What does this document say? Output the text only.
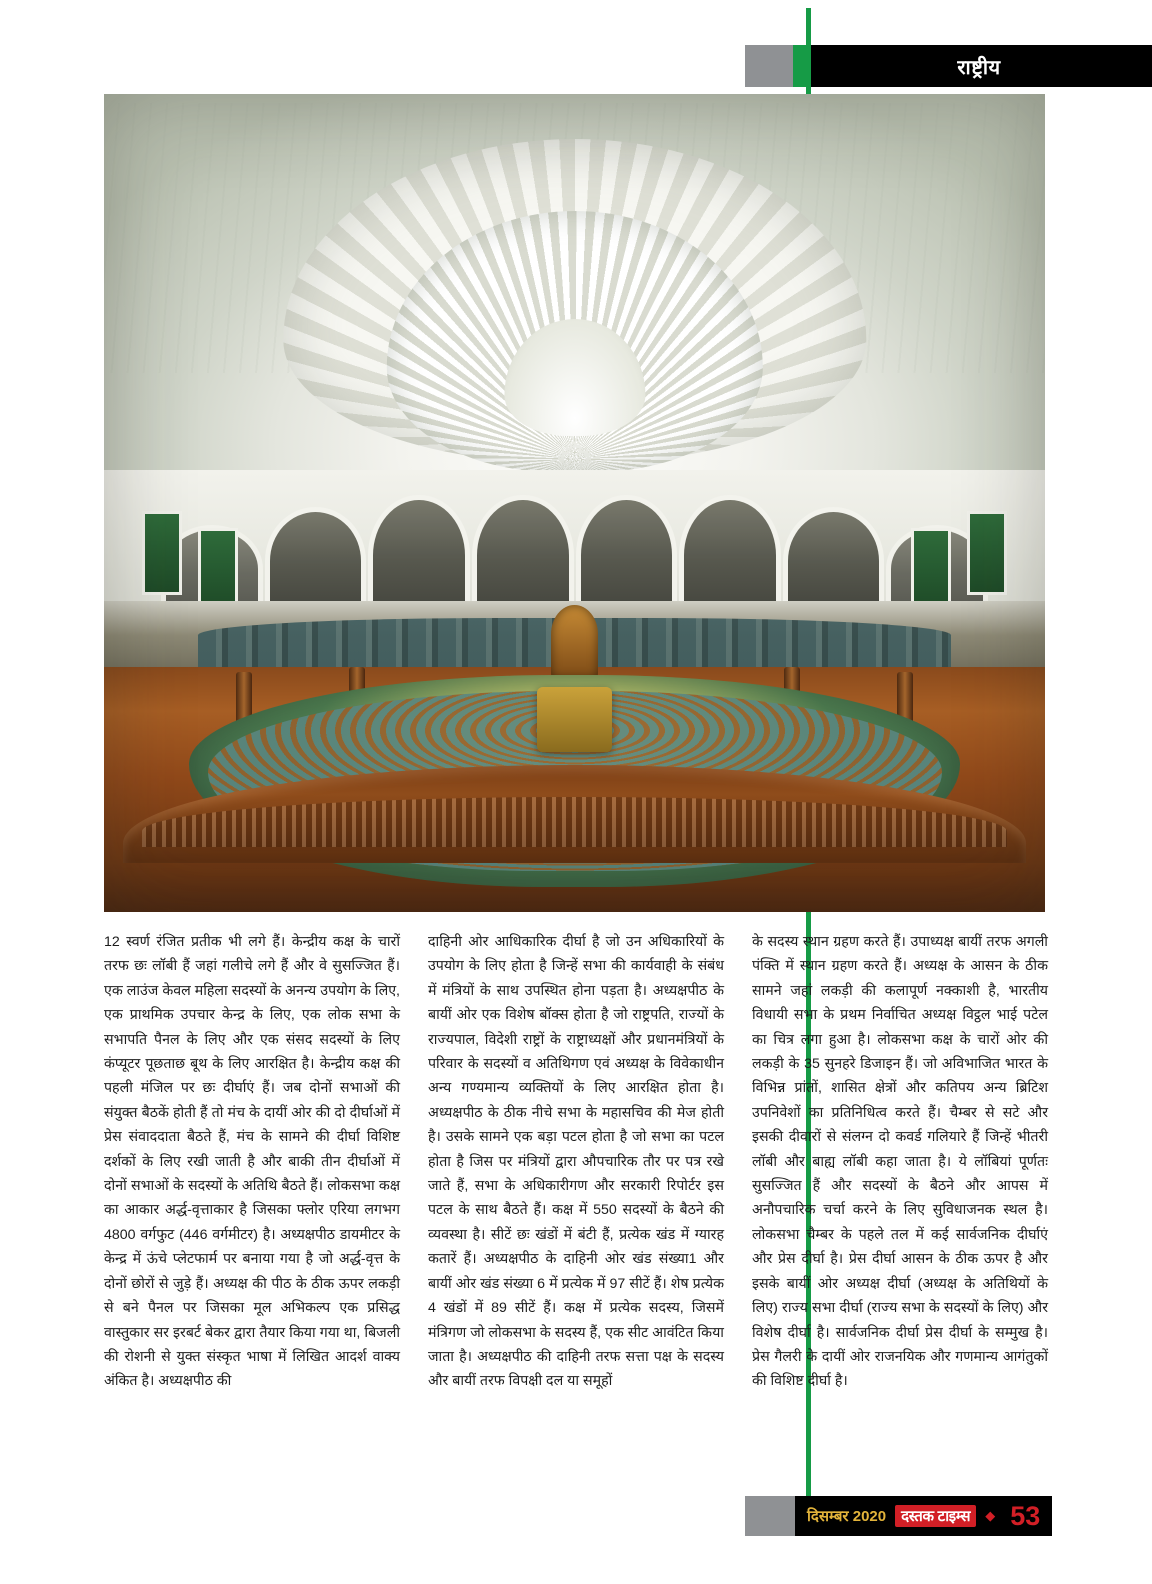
राष्ट्रीय

12 स्वर्ण रंजित प्रतीक भी लगे हैं। केन्द्रीय कक्ष के चारों तरफ छः लॉबी हैं जहां गलीचे लगे हैं और वे सुसज्जित हैं। एक लाउंज केवल महिला सदस्यों के अनन्य उपयोग के लिए, एक प्राथमिक उपचार केन्द्र के लिए, एक लोक सभा के सभापति पैनल के लिए और एक संसद सदस्यों के लिए कंप्यूटर पूछताछ बूथ के लिए आरक्षित है। केन्द्रीय कक्ष की पहली मंजिल पर छः दीर्घाएं हैं। जब दोनों सभाओं की संयुक्त बैठकें होती हैं तो मंच के दायीं ओर की दो दीर्घाओं में प्रेस संवाददाता बैठते हैं, मंच के सामने की दीर्घा विशिष्ट दर्शकों के लिए रखी जाती है और बाकी तीन दीर्घाओं में दोनों सभाओं के सदस्यों के अतिथि बैठते हैं। लोकसभा कक्ष का आकार अर्द्ध-वृत्ताकार है जिसका फ्लोर एरिया लगभग 4800 वर्गफुट (446 वर्गमीटर) है। अध्यक्षपीठ डायमीटर के केन्द्र में ऊंचे प्लेटफार्म पर बनाया गया है जो अर्द्ध-वृत्त के दोनों छोरों से जुड़े हैं। अध्यक्ष की पीठ के ठीक ऊपर लकड़ी से बने पैनल पर जिसका मूल अभिकल्प एक प्रसिद्ध वास्तुकार सर इरबर्ट बेकर द्वारा तैयार किया गया था, बिजली की रोशनी से युक्त संस्कृत भाषा में लिखित आदर्श वाक्य अंकित है। अध्यक्षपीठ की

दाहिनी ओर आधिकारिक दीर्घा है जो उन अधिकारियों के उपयोग के लिए होता है जिन्हें सभा की कार्यवाही के संबंध में मंत्रियों के साथ उपस्थित होना पड़ता है। अध्यक्षपीठ के बायीं ओर एक विशेष बॉक्स होता है जो राष्ट्रपति, राज्यों के राज्यपाल, विदेशी राष्ट्रों के राष्ट्राध्यक्षों और प्रधानमंत्रियों के परिवार के सदस्यों व अतिथिगण एवं अध्यक्ष के विवेकाधीन अन्य गण्यमान्य व्यक्तियों के लिए आरक्षित होता है। अध्यक्षपीठ के ठीक नीचे सभा के महासचिव की मेज होती है। उसके सामने एक बड़ा पटल होता है जो सभा का पटल होता है जिस पर मंत्रियों द्वारा औपचारिक तौर पर पत्र रखे जाते हैं, सभा के अधिकारीगण और सरकारी रिपोर्टर इस पटल के साथ बैठते हैं। कक्ष में 550 सदस्यों के बैठने की व्यवस्था है। सीटें छः खंडों में बंटी हैं, प्रत्येक खंड में ग्यारह कतारें हैं। अध्यक्षपीठ के दाहिनी ओर खंड संख्या1 और बायीं ओर खंड संख्या 6 में प्रत्येक में 97 सीटें हैं। शेष प्रत्येक 4 खंडों में 89 सीटें हैं। कक्ष में प्रत्येक सदस्य, जिसमें मंत्रिगण जो लोकसभा के सदस्य हैं, एक सीट आवंटित किया जाता है। अध्यक्षपीठ की दाहिनी तरफ सत्ता पक्ष के सदस्य और बायीं तरफ विपक्षी दल या समूहों

के सदस्य स्थान ग्रहण करते हैं। उपाध्यक्ष बायीं तरफ अगली पंक्ति में स्थान ग्रहण करते हैं। अध्यक्ष के आसन के ठीक सामने जहां लकड़ी की कलापूर्ण नक्काशी है, भारतीय विधायी सभा के प्रथम निर्वाचित अध्यक्ष विट्ठल भाई पटेल का चित्र लगा हुआ है। लोकसभा कक्ष के चारों ओर की लकड़ी के 35 सुनहरे डिजाइन हैं। जो अविभाजित भारत के विभिन्न प्रांतों, शासित क्षेत्रों और कतिपय अन्य ब्रिटिश उपनिवेशों का प्रतिनिधित्व करते हैं। चैम्बर से सटे और इसकी दीवारों से संलग्न दो कवर्ड गलियारे हैं जिन्हें भीतरी लॉबी और बाह्य लॉबी कहा जाता है। ये लॉबियां पूर्णतः सुसज्जित हैं और सदस्यों के बैठने और आपस में अनौपचारिक चर्चा करने के लिए सुविधाजनक स्थल है। लोकसभा चैम्बर के पहले तल में कई सार्वजनिक दीर्घाएं और प्रेस दीर्घा है। प्रेस दीर्घा आसन के ठीक ऊपर है और इसके बायीं ओर अध्यक्ष दीर्घा (अध्यक्ष के अतिथियों के लिए) राज्य सभा दीर्घा (राज्य सभा के सदस्यों के लिए) और विशेष दीर्घा है। सार्वजनिक दीर्घा प्रेस दीर्घा के सम्मुख है। प्रेस गैलरी के दायीं ओर राजनयिक और गणमान्य आगंतुकों की विशिष्ट दीर्घा है।

दिसम्बर 2020	दस्तक टाइम्स	◆ 53
